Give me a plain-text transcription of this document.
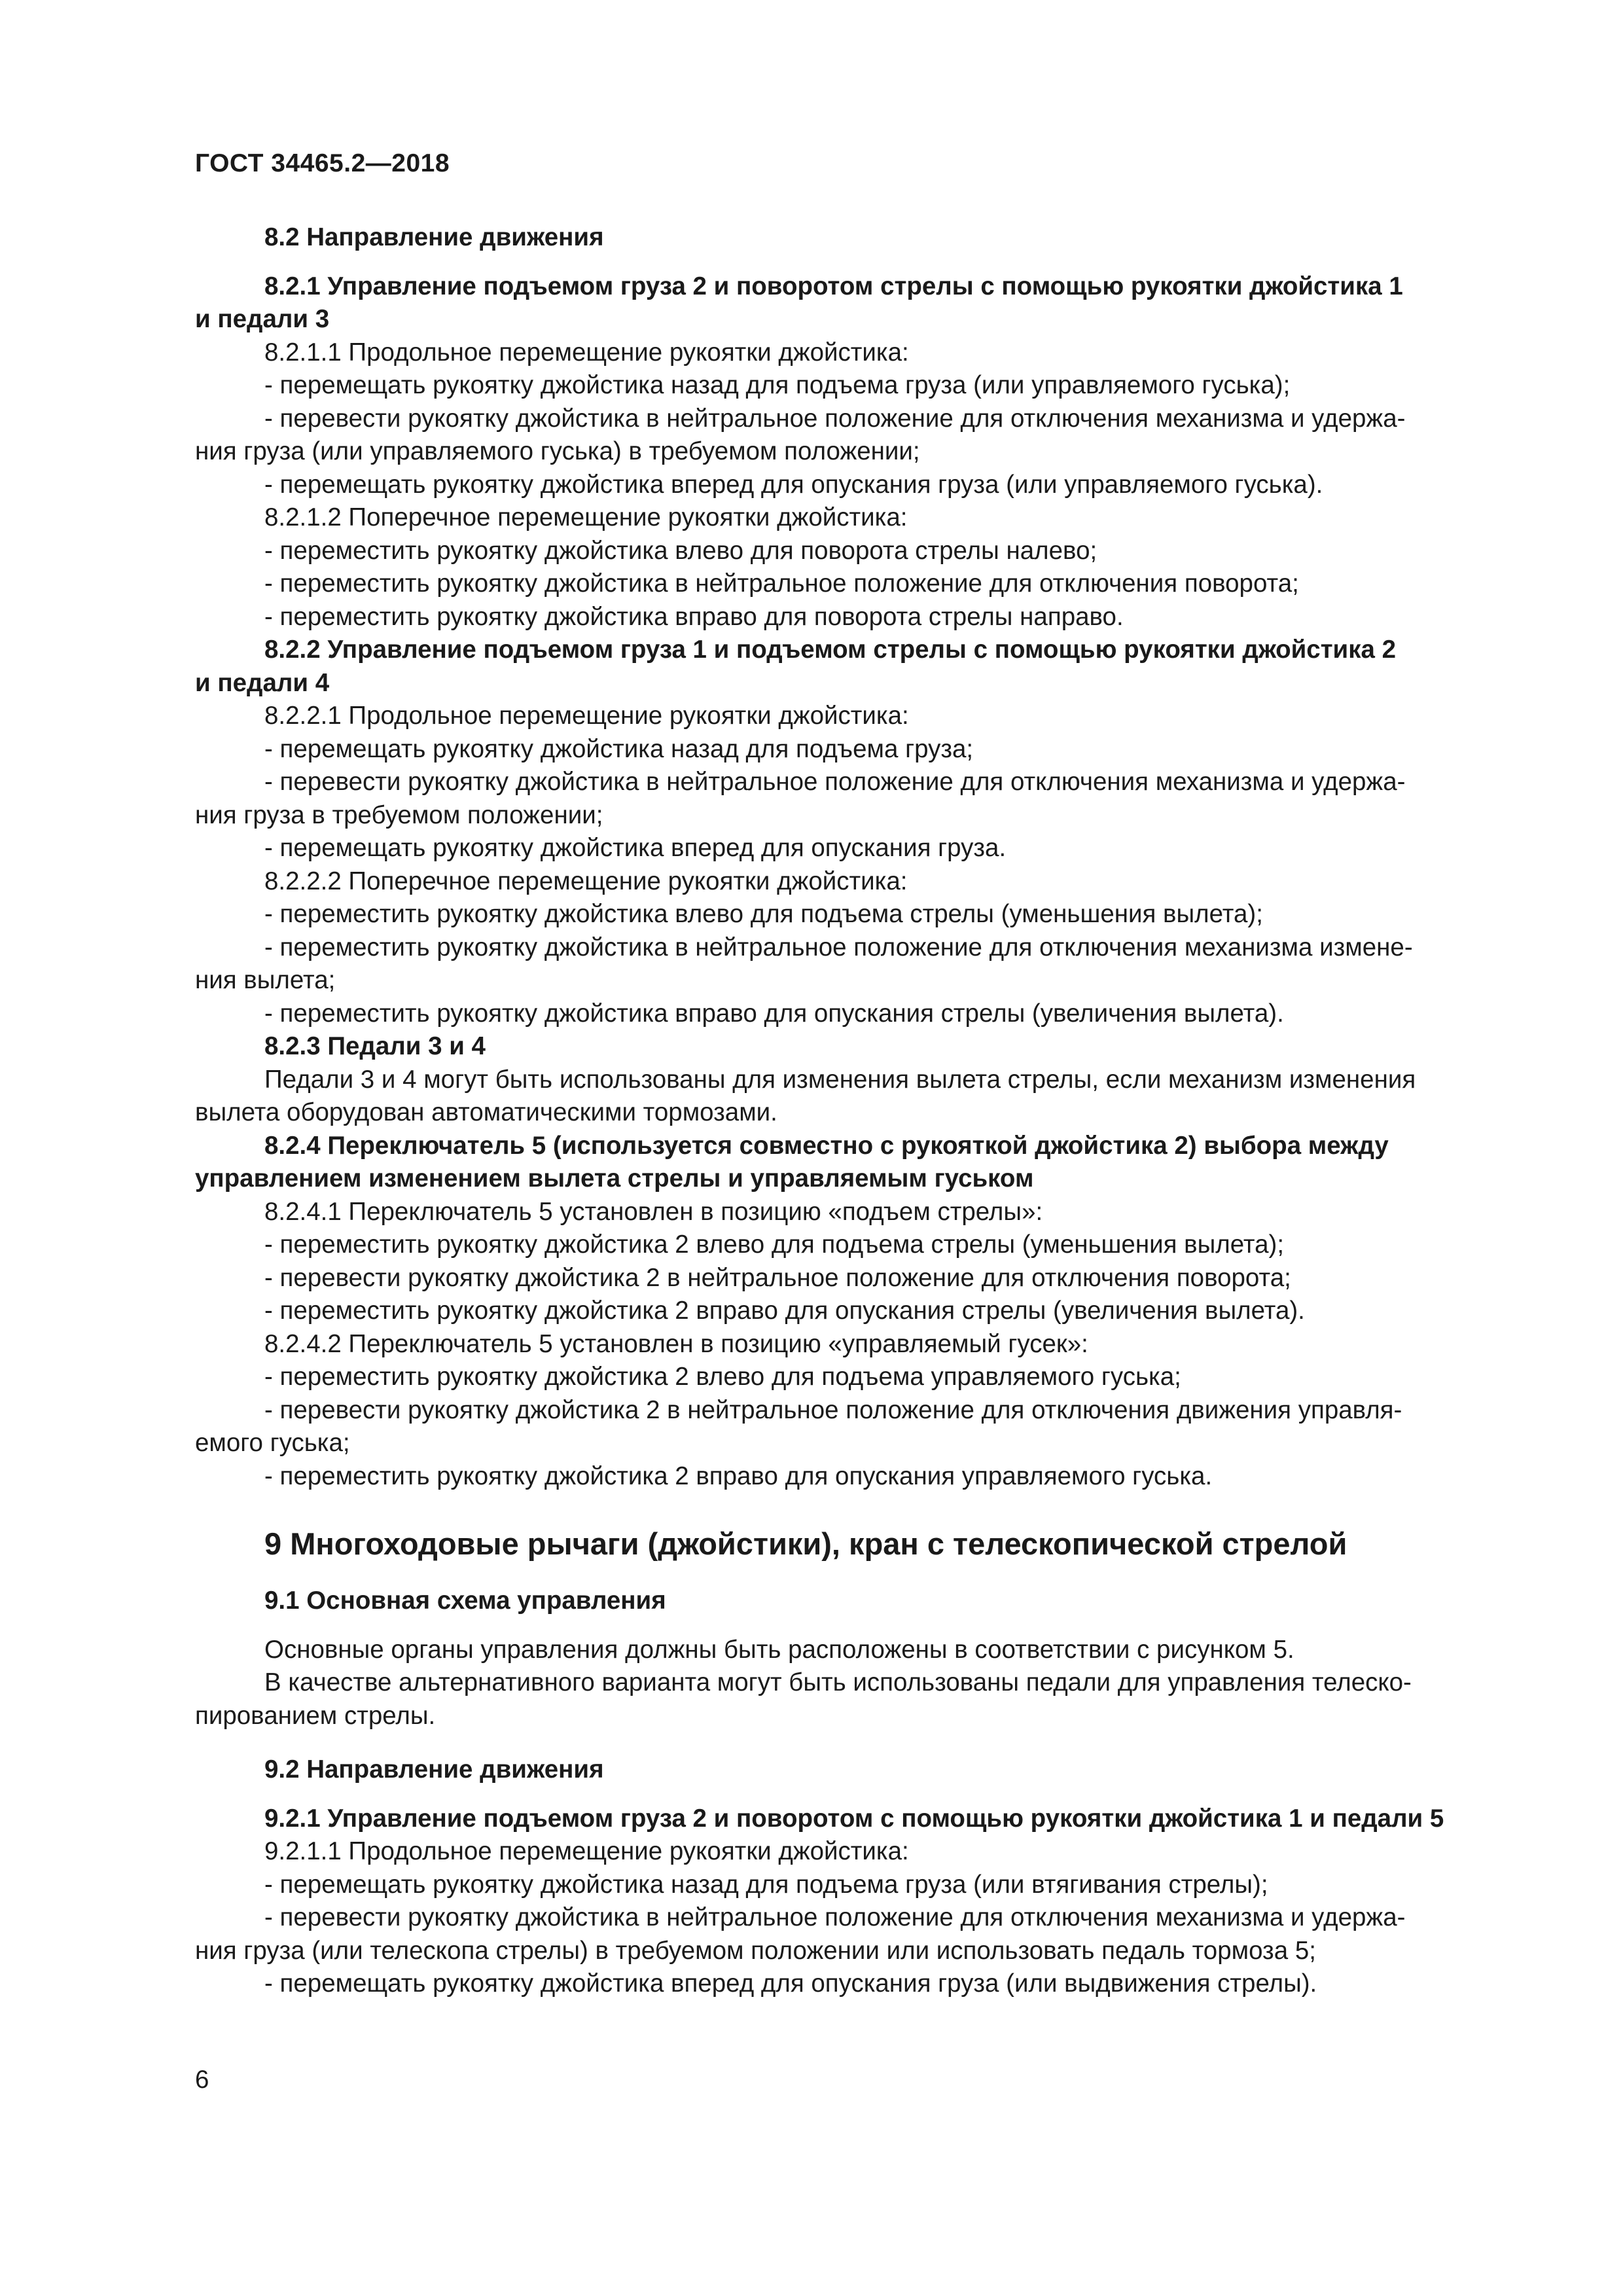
ГОСТ 34465.2—2018
8.2 Направление движения
8.2.1 Управление подъемом груза 2 и поворотом стрелы с помощью рукоятки джойстика 1
и педали 3
8.2.1.1 Продольное перемещение рукоятки джойстика:
- перемещать рукоятку джойстика назад для подъема груза (или управляемого гуська);
- перевести рукоятку джойстика в нейтральное положение для отключения механизма и удержа-
ния груза (или управляемого гуська) в требуемом положении;
- перемещать рукоятку джойстика вперед для опускания груза (или управляемого гуська).
8.2.1.2 Поперечное перемещение рукоятки джойстика:
- переместить рукоятку джойстика влево для поворота стрелы налево;
- переместить рукоятку джойстика в нейтральное положение для отключения поворота;
- переместить рукоятку джойстика вправо для поворота стрелы направо.
8.2.2 Управление подъемом груза 1 и подъемом стрелы с помощью рукоятки джойстика 2
и педали 4
8.2.2.1 Продольное перемещение рукоятки джойстика:
- перемещать рукоятку джойстика назад для подъема груза;
- перевести рукоятку джойстика в нейтральное положение для отключения механизма и удержа-
ния груза в требуемом положении;
- перемещать рукоятку джойстика вперед для опускания груза.
8.2.2.2 Поперечное перемещение рукоятки джойстика:
- переместить рукоятку джойстика влево для подъема стрелы (уменьшения вылета);
- переместить рукоятку джойстика в нейтральное положение для отключения механизма измене-
ния вылета;
- переместить рукоятку джойстика вправо для опускания стрелы (увеличения вылета).
8.2.3 Педали 3 и 4
Педали 3 и 4 могут быть использованы для изменения вылета стрелы, если механизм изменения
вылета оборудован автоматическими тормозами.
8.2.4 Переключатель 5 (используется совместно с рукояткой джойстика 2) выбора между
управлением изменением вылета стрелы и управляемым гуськом
8.2.4.1 Переключатель 5 установлен в позицию «подъем стрелы»:
- переместить рукоятку джойстика 2 влево для подъема стрелы (уменьшения вылета);
- перевести рукоятку джойстика 2 в нейтральное положение для отключения поворота;
- переместить рукоятку джойстика 2 вправо для опускания стрелы (увеличения вылета).
8.2.4.2 Переключатель 5 установлен в позицию «управляемый гусек»:
- переместить рукоятку джойстика 2 влево для подъема управляемого гуська;
- перевести рукоятку джойстика 2 в нейтральное положение для отключения движения управля-
емого гуська;
- переместить рукоятку джойстика 2 вправо для опускания управляемого гуська.
9 Многоходовые рычаги (джойстики), кран с телескопической стрелой
9.1 Основная схема управления
Основные органы управления должны быть расположены в соответствии с рисунком 5.
В качестве альтернативного варианта могут быть использованы педали для управления телеско-
пированием стрелы.
9.2 Направление движения
9.2.1 Управление подъемом груза 2 и поворотом с помощью рукоятки джойстика 1 и педали 5
9.2.1.1 Продольное перемещение рукоятки джойстика:
- перемещать рукоятку джойстика назад для подъема груза (или втягивания стрелы);
- перевести рукоятку джойстика в нейтральное положение для отключения механизма и удержа-
ния груза (или телескопа стрелы) в требуемом положении или использовать педаль тормоза 5;
- перемещать рукоятку джойстика вперед для опускания груза (или выдвижения стрелы).
6
